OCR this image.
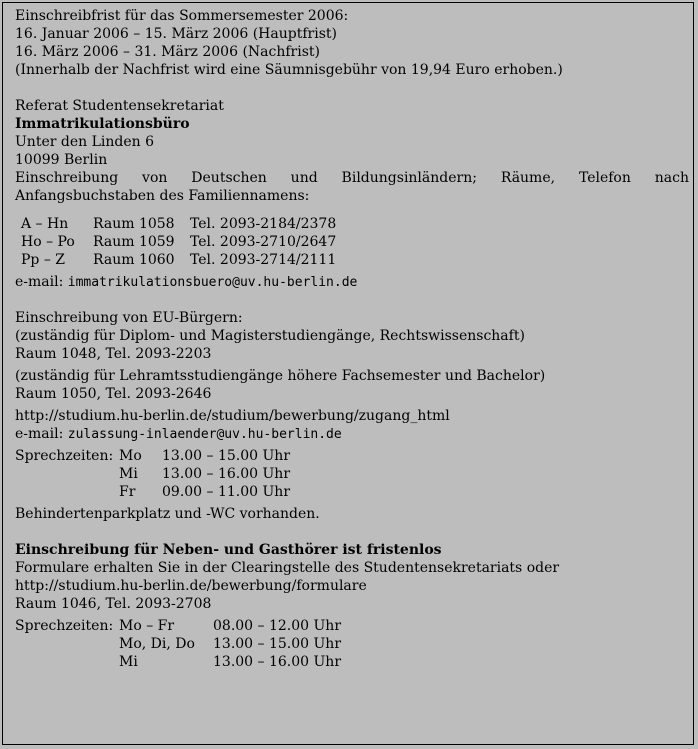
Einschreibfrist für das Sommersemester 2006:
16. Januar 2006 – 15. März 2006 (Hauptfrist)
16. März 2006 – 31. März 2006 (Nachfrist)
(Innerhalb der Nachfrist wird eine Säumnisgebühr von 19,94 Euro erhoben.)
Referat Studentensekretariat
Immatrikulationsbüro
Unter den Linden 6
10099 Berlin
Einschreibung von Deutschen und Bildungsinländern; Räume, Telefon nach Anfangsbuchstaben des Familiennamens:
A – Hn	Raum 1058	Tel. 2093-2184/2378
Ho – Po	Raum 1059	Tel. 2093-2710/2647
Pp – Z	Raum 1060	Tel. 2093-2714/2111
e-mail: immatrikulationsbuero@uv.hu-berlin.de
Einschreibung von EU-Bürgern:
(zuständig für Diplom- und Magisterstudiengänge, Rechtswissenschaft)
Raum 1048, Tel. 2093-2203
(zuständig für Lehramtsstudiengänge höhere Fachsemester und Bachelor)
Raum 1050, Tel. 2093-2646
http://studium.hu-berlin.de/studium/bewerbung/zugang_html
e-mail: zulassung-inlaender@uv.hu-berlin.de
Sprechzeiten:	Mo	13.00 – 15.00 Uhr
	Mi	13.00 – 16.00 Uhr
	Fr	09.00 – 11.00 Uhr
Behindertenparkplatz und -WC vorhanden.
Einschreibung für Neben- und Gasthörer ist fristenlos
Formulare erhalten Sie in der Clearingstelle des Studentensekretariats oder
http://studium.hu-berlin.de/bewerbung/formulare
Raum 1046, Tel. 2093-2708
Sprechzeiten:	Mo – Fr	08.00 – 12.00 Uhr
	Mo, Di, Do	13.00 – 15.00 Uhr
	Mi	13.00 – 16.00 Uhr
